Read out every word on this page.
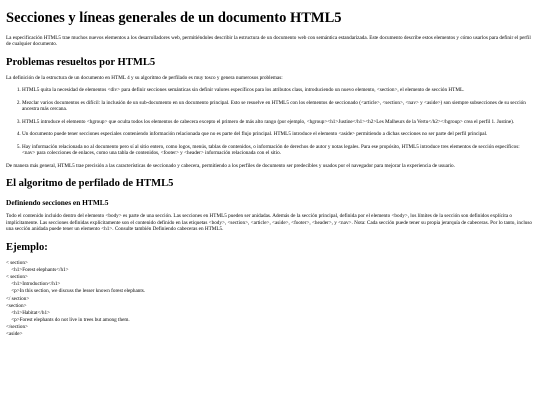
Secciones y líneas generales de un documento HTML5

La especificación HTML5 trae muchos nuevos elementos a los desarrolladores web, permitiéndoles describir la estructura de un documento web con semántica estandarizada. Este documento describe estos elementos y cómo usarlos para definir el perfil de cualquier documento.

Problemas resueltos por HTML5

La definición de la estructura de un documento en HTML 4 y su algoritmo de perfilado es muy tosco y genera numerosos problemas:

1. HTML5 quita la necesidad de elementos <div> para definir secciones semánticas sin definir valores específicos para los atributos class, introduciendo un nuevo elemento, <section>, el elemento de sección HTML.
2. Mezclar varios documentos es difícil: la inclusión de un sub-documento en un documento principal. Esto se resuelve en HTML5 con los elementos de seccionado (<article>, <section>, <nav> y <aside>) son siempre subsecciones de su sección ancestra más cercana.
3. HTML5 introduce el elemento <hgroup> que oculta todos los elementos de cabecera excepto el primero de más alto rango (por ejemplo, <hgroup><h1>Justine</h1><h2>Les Malheurs de la Vertu</h2></hgroup> crea el perfil 1. Justine).
4. Un documento puede tener secciones especiales conteniendo información relacionada que no es parte del flujo principal. HTML5 introduce el elemento <aside> permitiendo a dichas secciones no ser parte del perfil principal.
5. Hay información relacionada no al documento pero sí al sitio entero, como logos, menús, tablas de contenidos, o información de derechos de autor y notas legales. Para ese propósito, HTML5 introduce tres elementos de sección específicos: <nav> para colecciones de enlaces, como una tabla de contenidos, <footer> y <header> información relacionada con el sitio.

De manera más general, HTML5 trae precisión a las características de seccionado y cabecera, permitiendo a los perfiles de documento ser predecibles y usados por el navegador para mejorar la experiencia de usuario.

El algoritmo de perfilado de HTML5
Definiendo secciones en HTML5

Todo el contenido incluido dentro del elemento <body> es parte de una sección. Las secciones en HTML5 pueden ser anidadas. Además de la sección principal, definida por el elemento <body>, los límites de la sección son definidos explícita o implícitamente. Las secciones definidas explícitamente son el contenido definido en las etiquetas <body>, <section>, <article>, <aside>, <footer>, <header>, y <nav>. Nota: Cada sección puede tener su propia jerarquía de cabeceras. Por lo tanto, incluso una sección anidada puede tener un elemento <h1>. Consulte también Definiendo cabeceras en HTML5.

Ejemplo:
< section>
<h1>Forest elephants</h1>
< section>
<h1>Introduction</h1>
<p>In this section, we discuss the lesser known forest elephants.
</ section>
<section>
<h1>Habitat</h1>
<p>Forest elephants do not live in trees but among them.
</section>
<aside>
